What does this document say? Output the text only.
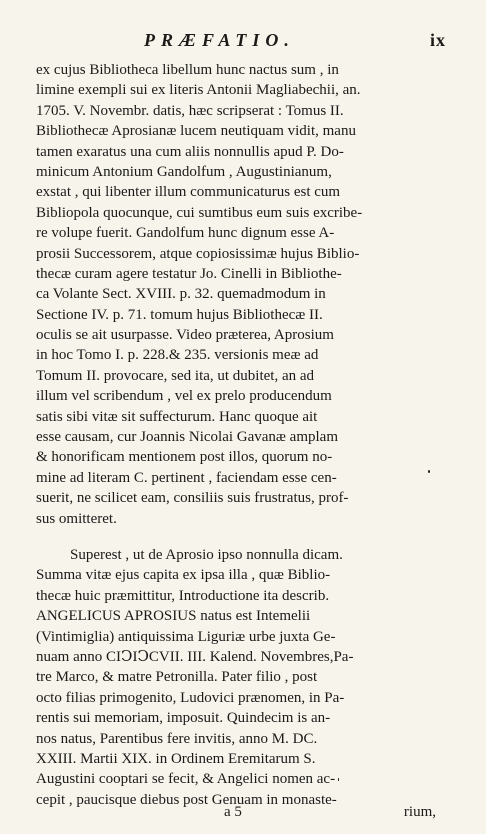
PRÆFATIO.	ix
ex cujus Bibliotheca libellum hunc nactus sum , in
limine exempli sui ex literis Antonii Magliabechii, an.
1705. V. Novembr. datis, hæc scripserat : Tomus II.
Bibliothecæ Aprosianæ lucem neutiquam vidit, manu
tamen exaratus una cum aliis nonnullis apud P. Do-
minicum Antonium Gandolfum , Augustinianum,
exstat , qui libenter illum communicaturus est cum
Bibliopola quocunque, cui sumtibus eum suis excribe-
re volupe fuerit. Gandolfum hunc dignum esse A-
prosii Successorem, atque copiosissimæ hujus Biblio-
thecæ curam agere testatur Jo. Cinelli in Bibliothe-
ca Volante Sect. XVIII. p. 32. quemadmodum in
Sectione IV. p. 71. tomum hujus Bibliothecæ II.
oculis se ait usurpasse. Video præterea, Aprosium
in hoc Tomo I. p. 228.& 235. versionis meæ ad
Tomum II. provocare, sed ita, ut dubitet, an ad
illum vel scribendum , vel ex prelo producendum
satis sibi vitæ sit suffecturum. Hanc quoque ait
esse causam, cur Joannis Nicolai Gavanæ amplam
& honorificam mentionem post illos, quorum no-
mine ad literam C. pertinent , faciendam esse cen-
suerit, ne scilicet eam, consiliis suis frustratus, prof-
sus omitteret.
Superest , ut de Aprosio ipso nonnulla dicam.
Summa vitæ ejus capita ex ipsa illa , quæ Biblio-
thecæ huic præmittitur, Introductione ita describ.
ANGELICUS APROSIUS natus est Intemelii
(Vintimiglia) antiquissima Liguriæ urbe juxta Ge-
nuam anno CIↃIↃCVII. III. Kalend. Novembres,Pa-
tre Marco, & matre Petronilla. Pater filio , post
octo filias primogenito, Ludovici prænomen, in Pa-
rentis sui memoriam, imposuit. Quindecim is an-
nos natus, Parentibus fere invitis, anno M. DC.
XXIII. Martii XIX. in Ordinem Eremitarum S.
Augustini cooptari se fecit, & Angelici nomen ac-
cepit , paucisque diebus post Genuam in monaste-
a 5	rium,
